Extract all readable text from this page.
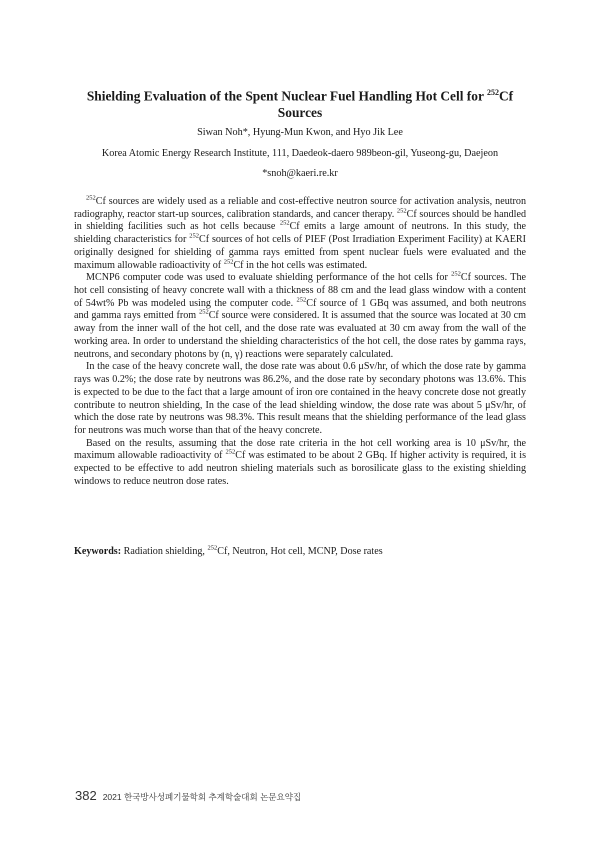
Shielding Evaluation of the Spent Nuclear Fuel Handling Hot Cell for $^{252}$Cf
Sources
Siwan Noh*, Hyung-Mun Kwon, and Hyo Jik Lee
Korea Atomic Energy Research Institute, 111, Daedeok-daero 989beon-gil, Yuseong-gu, Daejeon
*snoh@kaeri.re.kr

$^{252}$Cf sources are widely used as a reliable and cost-effective neutron source for activation analysis, neutron radiography, reactor start-up sources, calibration standards, and cancer therapy. $^{252}$Cf sources should be handled in shielding facilities such as hot cells because $^{252}$Cf emits a large amount of neutrons. In this study, the shielding characteristics for $^{252}$Cf sources of hot cells of PIEF (Post Irradiation Experiment Facility) at KAERI originally designed for shielding of gamma rays emitted from spent nuclear fuels were evaluated and the maximum allowable radioactivity of $^{252}$Cf in the hot cells was estimated.

MCNP6 computer code was used to evaluate shielding performance of the hot cells for $^{252}$Cf sources. The hot cell consisting of heavy concrete wall with a thickness of 88 cm and the lead glass window with a content of 54wt% Pb was modeled using the computer code. $^{252}$Cf source of 1 GBq was assumed, and both neutrons and gamma rays emitted from $^{252}$Cf source were considered. It is assumed that the source was located at 30 cm away from the inner wall of the hot cell, and the dose rate was evaluated at 30 cm away from the wall of the working area. In order to understand the shielding characteristics of the hot cell, the dose rates by gamma rays, neutrons, and secondary photons by (n, γ) reactions were separately calculated.

In the case of the heavy concrete wall, the dose rate was about 0.6 μSv/hr, of which the dose rate by gamma rays was 0.2%; the dose rate by neutrons was 86.2%, and the dose rate by secondary photons was 13.6%. This is expected to be due to the fact that a large amount of iron ore contained in the heavy concrete dose not greatly contribute to neutron shielding, In the case of the lead shielding window, the dose rate was about 5 μSv/hr, of which the dose rate by neutrons was 98.3%. This result means that the shielding performance of the lead glass for neutrons was much worse than that of the heavy concrete.

Based on the results, assuming that the dose rate criteria in the hot cell working area is 10 μSv/hr, the maximum allowable radioactivity of $^{252}$Cf was estimated to be about 2 GBq. If higher activity is required, it is expected to be effective to add neutron shieling materials such as borosilicate glass to the existing shielding windows to reduce neutron dose rates.

Keywords: Radiation shielding, $^{252}$Cf, Neutron, Hot cell, MCNP, Dose rates
382 2021 한국방사성폐기물학회 추계학술대회 논문요약집
